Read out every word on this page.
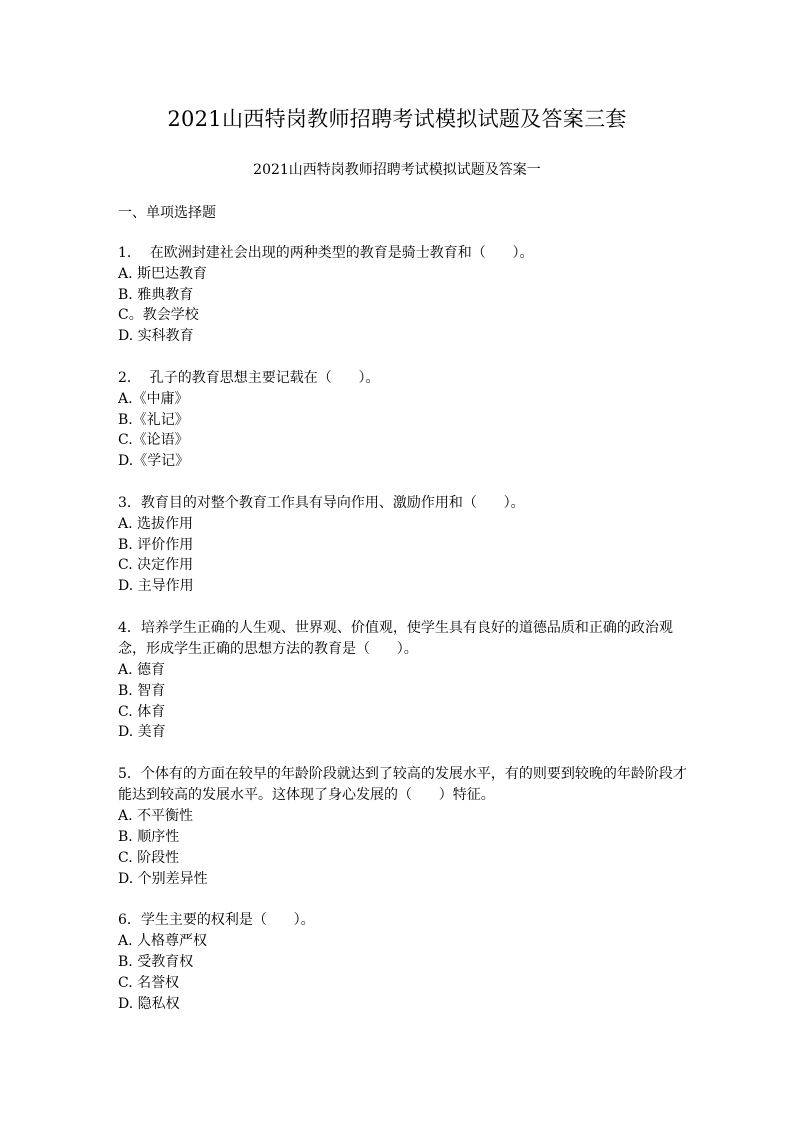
2021山西特岗教师招聘考试模拟试题及答案三套
2021山西特岗教师招聘考试模拟试题及答案一
一、单项选择题
1．  在欧洲封建社会出现的两种类型的教育是骑士教育和（      ）。
A. 斯巴达教育
B. 雅典教育
C。教会学校
D. 实科教育
2．  孔子的教育思想主要记载在（      ）。
A.《中庸》
B.《礼记》
C.《论语》
D.《学记》
3．教育目的对整个教育工作具有导向作用、激励作用和（      ）。
A. 选拔作用
B. 评价作用
C. 决定作用
D. 主导作用
4．培养学生正确的人生观、世界观、价值观，使学生具有良好的道德品质和正确的政治观念，形成学生正确的思想方法的教育是（      ）。
A. 德育
B. 智育
C. 体育
D. 美育
5．个体有的方面在较早的年龄阶段就达到了较高的发展水平，有的则要到较晚的年龄阶段才能达到较高的发展水平。这体现了身心发展的（      ）特征。
A. 不平衡性
B. 顺序性
C. 阶段性
D. 个别差异性
6．学生主要的权利是（      ）。
A. 人格尊严权
B. 受教育权
C. 名誉权
D. 隐私权
